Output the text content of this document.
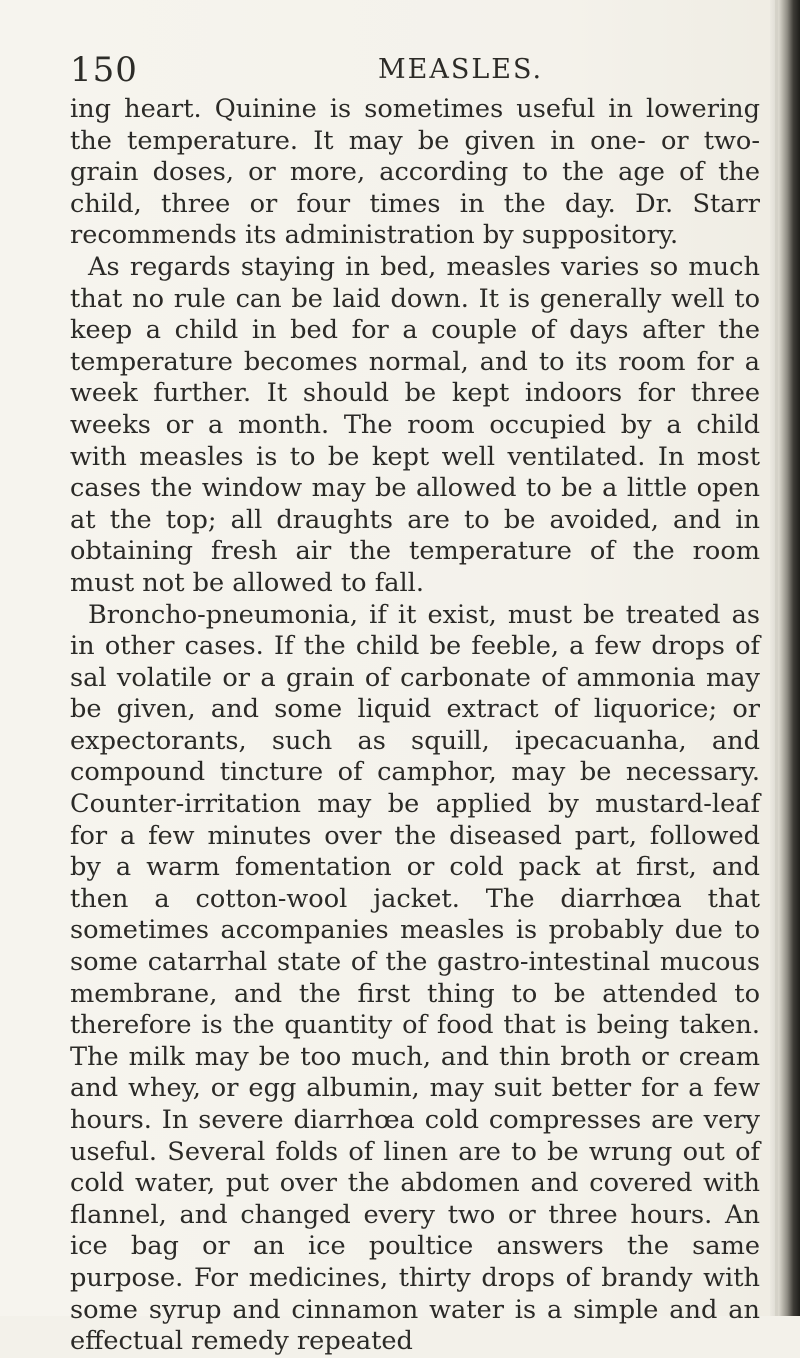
150	MEASLES.

ing heart. Quinine is sometimes useful in lowering the temperature. It may be given in one- or two-grain doses, or more, according to the age of the child, three or four times in the day. Dr. Starr recommends its administration by suppository.

As regards staying in bed, measles varies so much that no rule can be laid down. It is generally well to keep a child in bed for a couple of days after the temperature becomes normal, and to its room for a week further. It should be kept indoors for three weeks or a month. The room occupied by a child with measles is to be kept well ventilated. In most cases the window may be allowed to be a little open at the top; all draughts are to be avoided, and in obtaining fresh air the temperature of the room must not be allowed to fall.

Broncho-pneumonia, if it exist, must be treated as in other cases. If the child be feeble, a few drops of sal volatile or a grain of carbonate of ammonia may be given, and some liquid extract of liquorice; or expectorants, such as squill, ipecacuanha, and compound tincture of camphor, may be necessary. Counter-irritation may be applied by mustard-leaf for a few minutes over the diseased part, followed by a warm fomentation or cold pack at first, and then a cotton-wool jacket. The diarrhœa that sometimes accompanies measles is probably due to some catarrhal state of the gastro-intestinal mucous membrane, and the first thing to be attended to therefore is the quantity of food that is being taken. The milk may be too much, and thin broth or cream and whey, or egg albumin, may suit better for a few hours. In severe diarrhœa cold compresses are very useful. Several folds of linen are to be wrung out of cold water, put over the abdomen and covered with flannel, and changed every two or three hours. An ice bag or an ice poultice answers the same purpose. For medicines, thirty drops of brandy with some syrup and cinnamon water is a simple and an effectual remedy repeated
